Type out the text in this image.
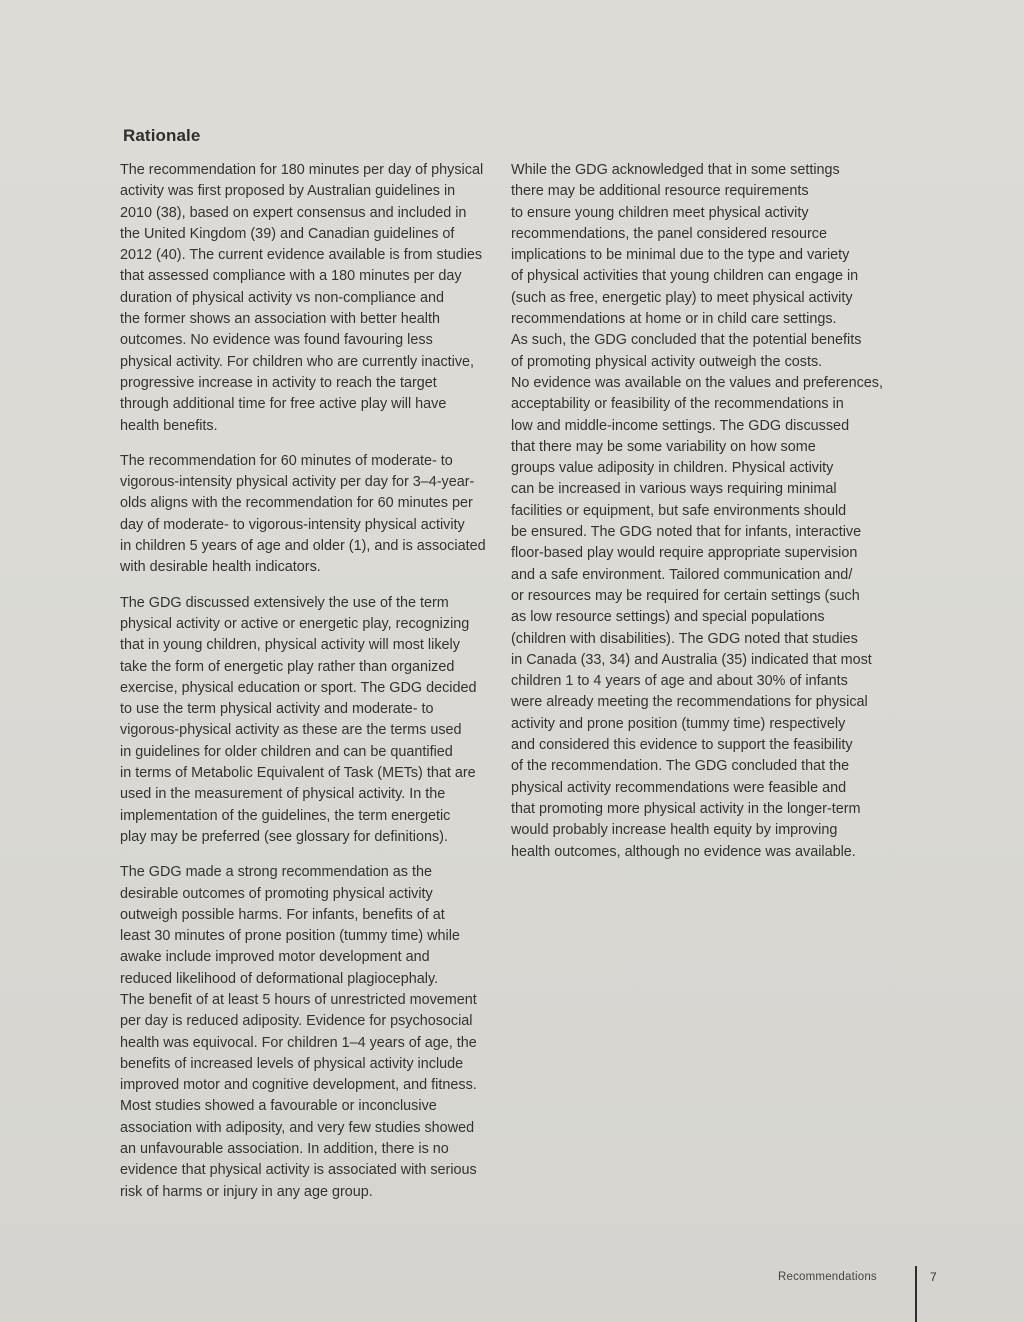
Rationale

The recommendation for 180 minutes per day of physical
activity was first proposed by Australian guidelines in
2010 (38), based on expert consensus and included in
the United Kingdom (39) and Canadian guidelines of
2012 (40). The current evidence available is from studies
that assessed compliance with a 180 minutes per day
duration of physical activity vs non-compliance and
the former shows an association with better health
outcomes. No evidence was found favouring less
physical activity. For children who are currently inactive,
progressive increase in activity to reach the target
through additional time for free active play will have
health benefits.

The recommendation for 60 minutes of moderate- to
vigorous-intensity physical activity per day for 3–4-year-
olds aligns with the recommendation for 60 minutes per
day of moderate- to vigorous-intensity physical activity
in children 5 years of age and older (1), and is associated
with desirable health indicators.

The GDG discussed extensively the use of the term
physical activity or active or energetic play, recognizing
that in young children, physical activity will most likely
take the form of energetic play rather than organized
exercise, physical education or sport. The GDG decided
to use the term physical activity and moderate- to
vigorous-physical activity as these are the terms used
in guidelines for older children and can be quantified
in terms of Metabolic Equivalent of Task (METs) that are
used in the measurement of physical activity. In the
implementation of the guidelines, the term energetic
play may be preferred (see glossary for definitions).

The GDG made a strong recommendation as the
desirable outcomes of promoting physical activity
outweigh possible harms. For infants, benefits of at
least 30 minutes of prone position (tummy time) while
awake include improved motor development and
reduced likelihood of deformational plagiocephaly.
The benefit of at least 5 hours of unrestricted movement
per day is reduced adiposity. Evidence for psychosocial
health was equivocal. For children 1–4 years of age, the
benefits of increased levels of physical activity include
improved motor and cognitive development, and fitness.
Most studies showed a favourable or inconclusive
association with adiposity, and very few studies showed
an unfavourable association. In addition, there is no
evidence that physical activity is associated with serious
risk of harms or injury in any age group.

While the GDG acknowledged that in some settings
there may be additional resource requirements
to ensure young children meet physical activity
recommendations, the panel considered resource
implications to be minimal due to the type and variety
of physical activities that young children can engage in
(such as free, energetic play) to meet physical activity
recommendations at home or in child care settings.
As such, the GDG concluded that the potential benefits
of promoting physical activity outweigh the costs.
No evidence was available on the values and preferences,
acceptability or feasibility of the recommendations in
low and middle-income settings. The GDG discussed
that there may be some variability on how some
groups value adiposity in children. Physical activity
can be increased in various ways requiring minimal
facilities or equipment, but safe environments should
be ensured. The GDG noted that for infants, interactive
floor-based play would require appropriate supervision
and a safe environment. Tailored communication and/
or resources may be required for certain settings (such
as low resource settings) and special populations
(children with disabilities). The GDG noted that studies
in Canada (33, 34) and Australia (35) indicated that most
children 1 to 4 years of age and about 30% of infants
were already meeting the recommendations for physical
activity and prone position (tummy time) respectively
and considered this evidence to support the feasibility
of the recommendation. The GDG concluded that the
physical activity recommendations were feasible and
that promoting more physical activity in the longer-term
would probably increase health equity by improving
health outcomes, although no evidence was available.

Recommendations	7
